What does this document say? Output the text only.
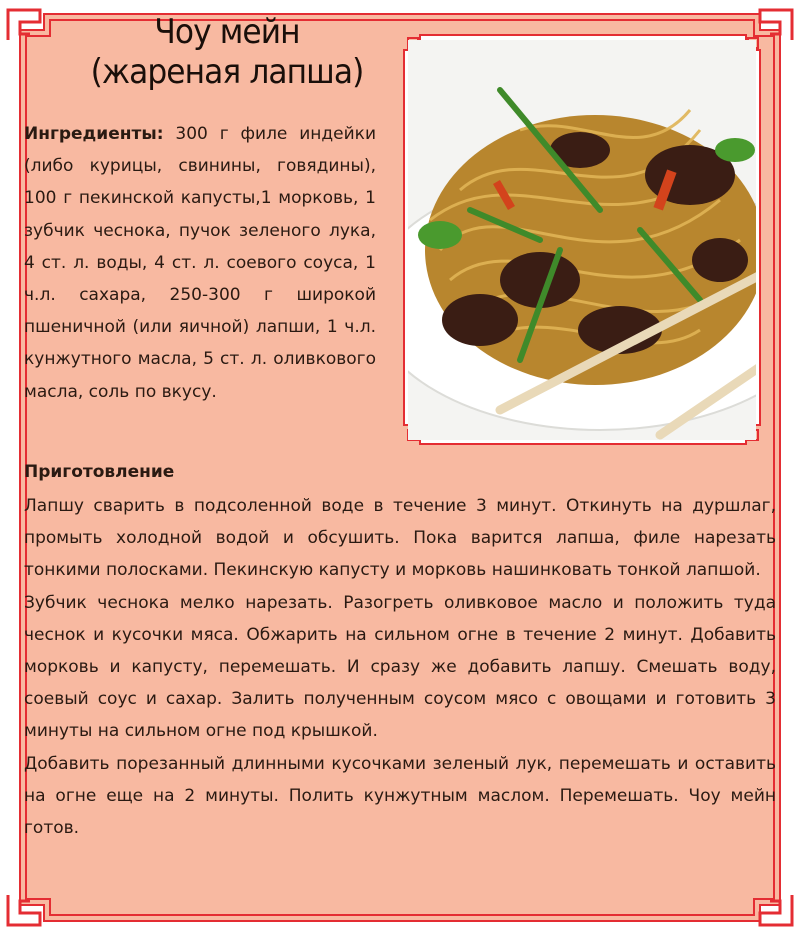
Чоу мейн
(жареная лапша)
Ингредиенты: 300 г филе индейки (либо курицы, свинины, говядины), 100 г пекинской капусты,1 морковь, 1 зубчик чеснока, пучок зеленого лука, 4 ст. л. воды, 4 ст. л. соевого соуса, 1 ч.л. сахара, 250-300 г широкой пшеничной (или яичной) лапши, 1 ч.л. кунжутного масла, 5 ст. л. оливкового масла, соль по вкусу.
Приготовление

Лапшу сварить в подсоленной воде в течение 3 минут. Откинуть на дуршлаг, промыть холодной водой и обсушить. Пока варится лапша, филе нарезать тонкими полосками. Пекинскую капусту и морковь нашинковать тонкой лапшой.

Зубчик чеснока мелко нарезать. Разогреть оливковое масло и положить туда чеснок и кусочки мяса. Обжарить на сильном огне в течение 2 минут. Добавить морковь и капусту, перемешать. И сразу же добавить лапшу. Смешать воду, соевый соус и сахар. Залить полученным соусом мясо с овощами и готовить 3 минуты на сильном огне под крышкой.

Добавить порезанный длинными кусочками зеленый лук, перемешать и оставить на огне еще на 2 минуты. Полить кунжутным маслом. Перемешать. Чоу мейн готов.
